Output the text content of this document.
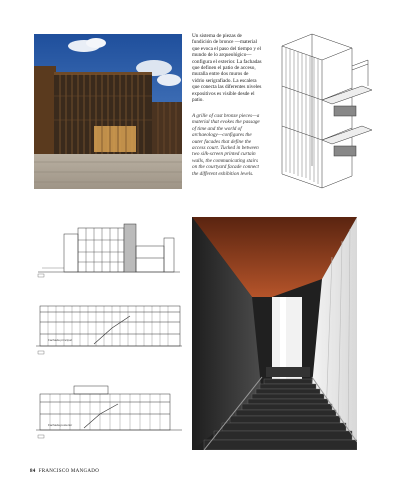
Un sistema de piezas de fundición de bronce —material que evoca el paso del tiempo y el mundo de lo arqueológico— configura el exterior. La fachadas que definen el patio de acceso, muralla entre dos muros de vidrio serigrafiado. La escalera que conecta las diferentes niveles expositivos es visible desde el patio.
A grille of cast bronze pieces—a material that evokes the passage of time and the world of archaeology—configures the outer facades that define the access court. Tucked in between two silk-screen printed curtain walls, the communicating stairs on the courtyard facade connect the different exhibition levels.
Fachada principal
Fachada posterior
84 FRANCISCO MANGADO
